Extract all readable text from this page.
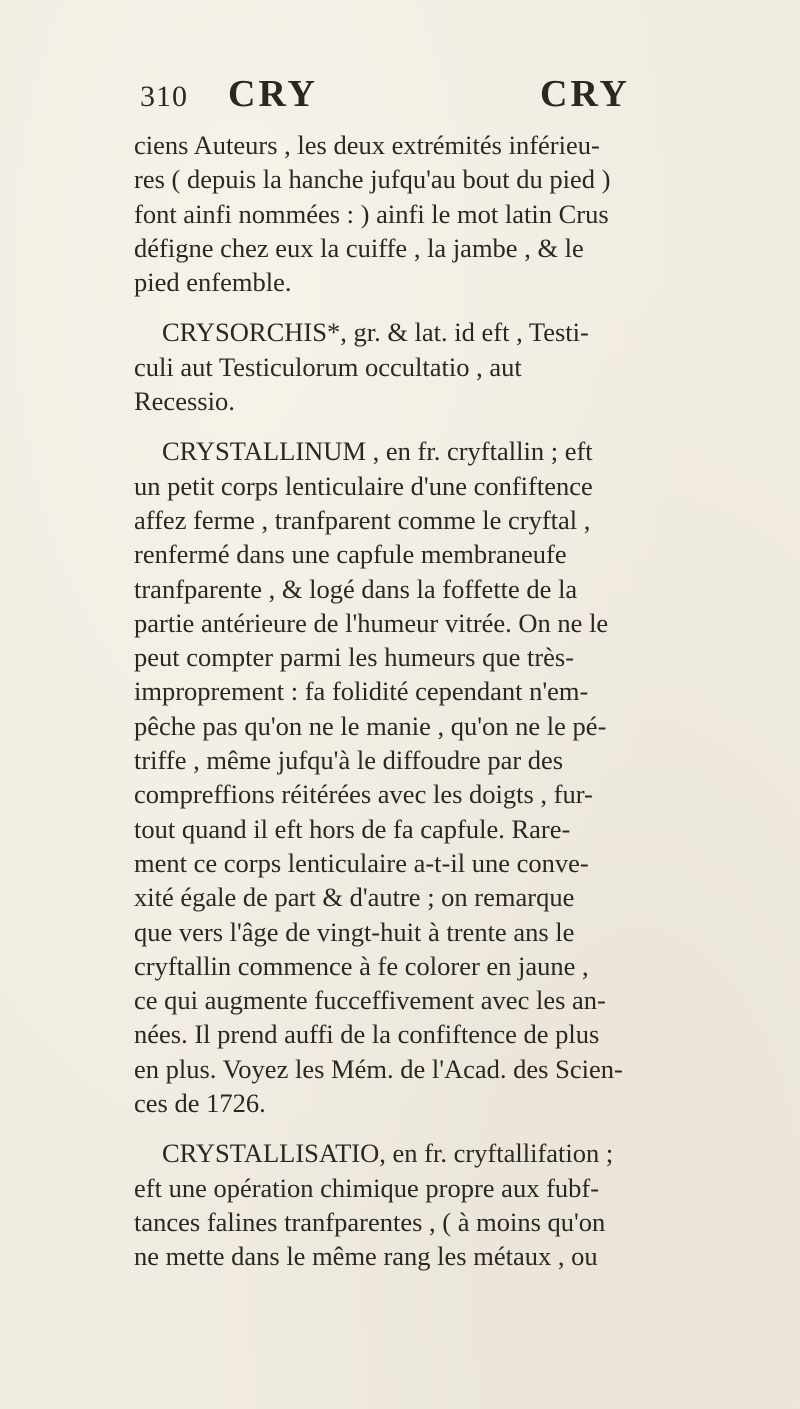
310 CRY	CRY
ciens Auteurs , les deux extrémités inférieu-
res ( depuis la hanche jufqu'au bout du pied )
font ainfi nommées : ) ainfi le mot latin Crus
défigne chez eux la cuiffe , la jambe , & le
pied enfemble.
CRYSORCHIS*, gr. & lat. id eft , Testi-
culi aut Testiculorum occultatio , aut
Recessio.
CRYSTALLINUM , en fr. cryftallin ; eft
un petit corps lenticulaire d'une confiftence
affez ferme , tranfparent comme le cryftal ,
renfermé dans une capfule membraneufe
tranfparente , & logé dans la foffette de la
partie antérieure de l'humeur vitrée. On ne le
peut compter parmi les humeurs que très-
improprement : fa folidité cependant n'em-
pêche pas qu'on ne le manie , qu'on ne le pé-
triffe , même jufqu'à le diffoudre par des
compreffions réitérées avec les doigts , fur-
tout quand il eft hors de fa capfule. Rare-
ment ce corps lenticulaire a-t-il une conve-
xité égale de part & d'autre ; on remarque
que vers l'âge de vingt-huit à trente ans le
cryftallin commence à fe colorer en jaune ,
ce qui augmente fucceffivement avec les an-
nées. Il prend auffi de la confiftence de plus
en plus. Voyez les Mém. de l'Acad. des Scien-
ces de 1726.
CRYSTALLISATIO, en fr. cryftallifation ;
eft une opération chimique propre aux fubf-
tances falines tranfparentes , ( à moins qu'on
ne mette dans le même rang les métaux , ou
